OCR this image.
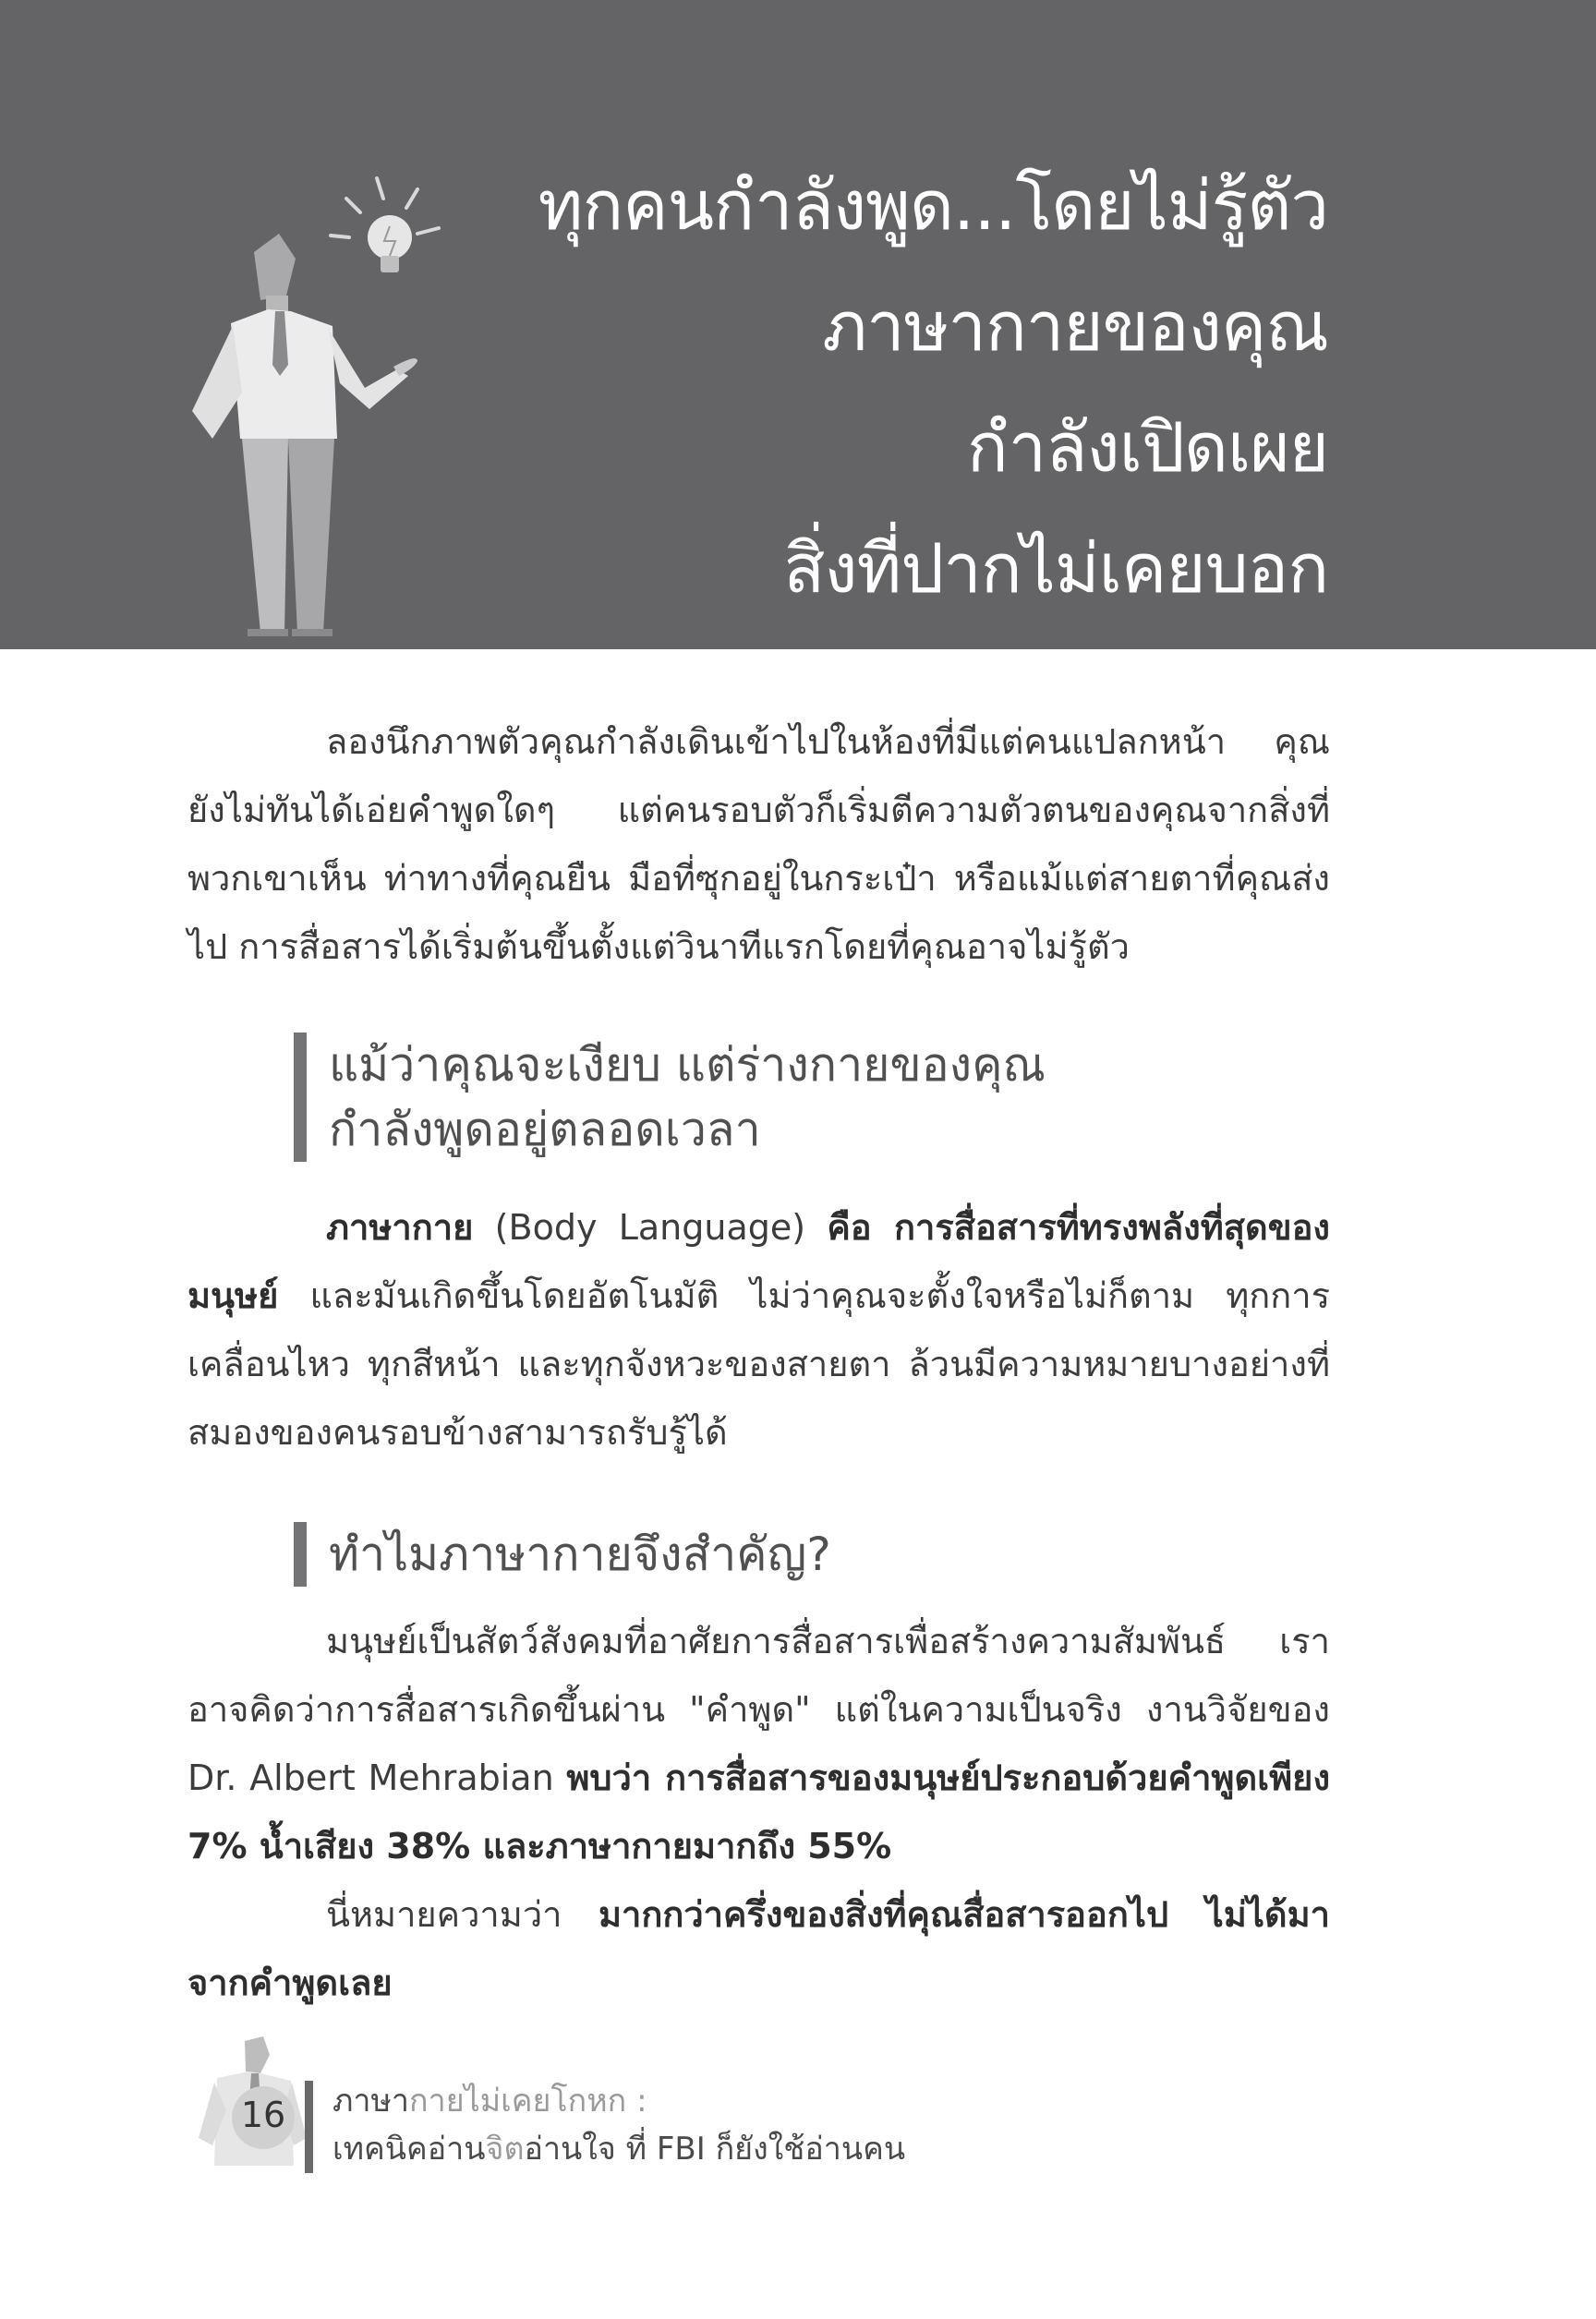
ทุกคนกำลังพูด...โดยไม่รู้ตัว
ภาษากายของคุณ
กำลังเปิดเผย
สิ่งที่ปากไม่เคยบอก

ลองนึกภาพตัวคุณกำลังเดินเข้าไปในห้องที่มีแต่คนแปลกหน้า คุณยังไม่ทันได้เอ่ยคำพูดใดๆ แต่คนรอบตัวก็เริ่มตีความตัวตนของคุณจากสิ่งที่พวกเขาเห็น ท่าทางที่คุณยืน มือที่ซุกอยู่ในกระเป๋า หรือแม้แต่สายตาที่คุณส่งไป การสื่อสารได้เริ่มต้นขึ้นตั้งแต่วินาทีแรกโดยที่คุณอาจไม่รู้ตัว

แม้ว่าคุณจะเงียบ แต่ร่างกายของคุณ
กำลังพูดอยู่ตลอดเวลา

ภาษากาย (Body Language) คือ การสื่อสารที่ทรงพลังที่สุดของมนุษย์ และมันเกิดขึ้นโดยอัตโนมัติ ไม่ว่าคุณจะตั้งใจหรือไม่ก็ตาม ทุกการเคลื่อนไหว ทุกสีหน้า และทุกจังหวะของสายตา ล้วนมีความหมายบางอย่างที่สมองของคนรอบข้างสามารถรับรู้ได้

ทำไมภาษากายจึงสำคัญ?

มนุษย์เป็นสัตว์สังคมที่อาศัยการสื่อสารเพื่อสร้างความสัมพันธ์ เราอาจคิดว่าการสื่อสารเกิดขึ้นผ่าน "คำพูด" แต่ในความเป็นจริง งานวิจัยของ Dr. Albert Mehrabian พบว่า การสื่อสารของมนุษย์ประกอบด้วยคำพูดเพียง 7% น้ำเสียง 38% และภาษากายมากถึง 55%

นี่หมายความว่า มากกว่าครึ่งของสิ่งที่คุณสื่อสารออกไป ไม่ได้มาจากคำพูดเลย

16	ภาษากายไม่เคยโกหก :
เทคนิคอ่านจิตอ่านใจ ที่ FBI ก็ยังใช้อ่านคน
